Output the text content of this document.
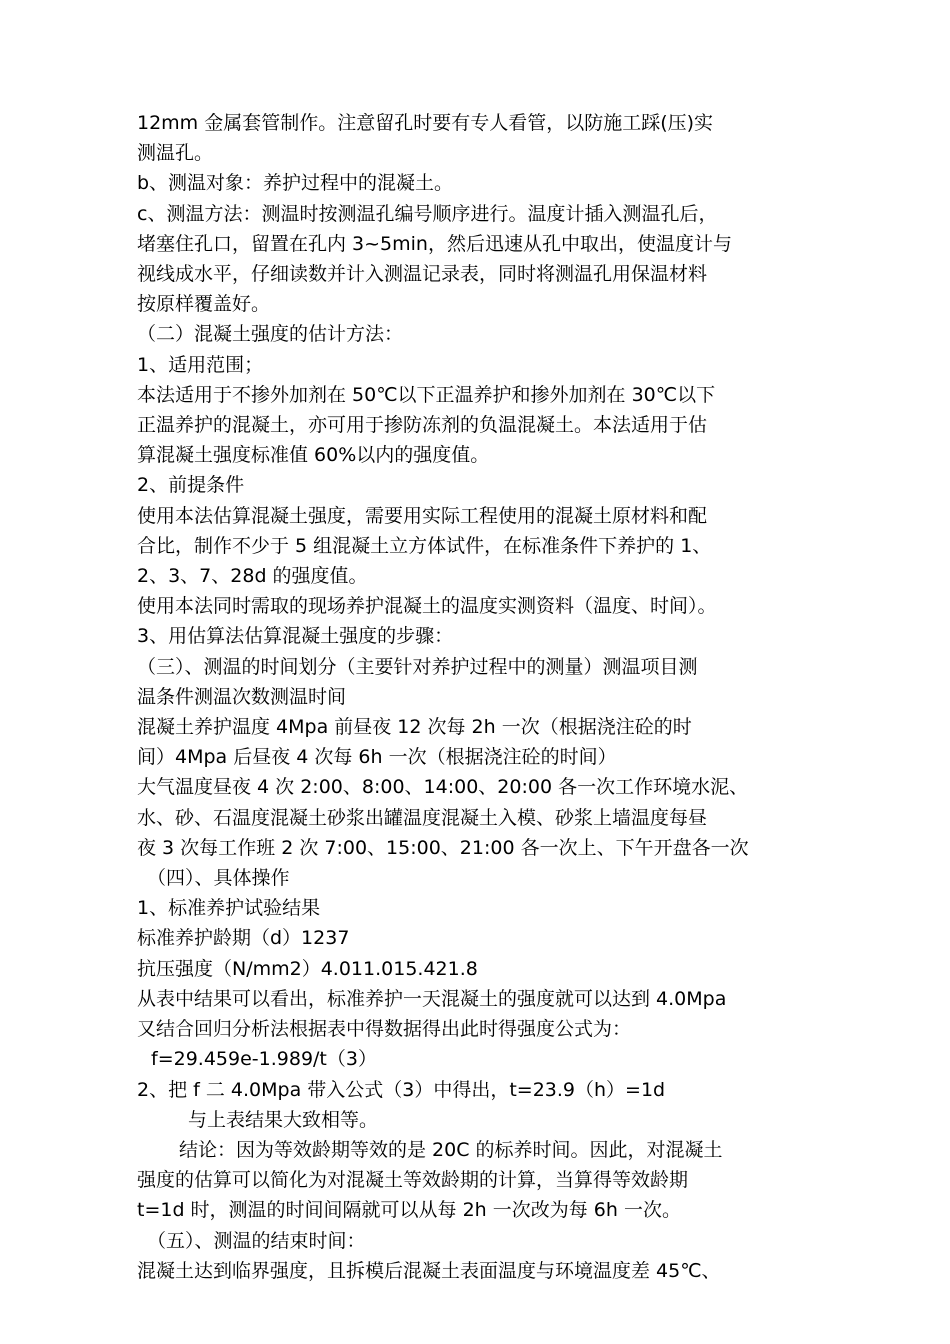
12mm 金属套管制作。注意留孔时要有专人看管，以防施工踩(压)实

测温孔。

b、测温对象：养护过程中的混凝土。

c、测温方法：测温时按测温孔编号顺序进行。温度计插入测温孔后，

堵塞住孔口，留置在孔内 3~5min，然后迅速从孔中取出，使温度计与

视线成水平，仔细读数并计入测温记录表，同时将测温孔用保温材料

按原样覆盖好。

（二）混凝土强度的估计方法：

1、适用范围；

本法适用于不掺外加剂在 50℃以下正温养护和掺外加剂在 30℃以下

正温养护的混凝土，亦可用于掺防冻剂的负温混凝土。本法适用于估

算混凝土强度标准值 60%以内的强度值。

2、前提条件

使用本法估算混凝土强度，需要用实际工程使用的混凝土原材料和配

合比，制作不少于 5 组混凝土立方体试件，在标准条件下养护的 1、

2、3、7、28d 的强度值。

使用本法同时需取的现场养护混凝土的温度实测资料（温度、时间）。

3、用估算法估算混凝土强度的步骤：

（三）、测温的时间划分（主要针对养护过程中的测量）测温项目测

温条件测温次数测温时间

混凝土养护温度 4Mpa 前昼夜 12 次每 2h 一次（根据浇注砼的时

间）4Mpa 后昼夜 4 次每 6h 一次（根据浇注砼的时间）

大气温度昼夜 4 次 2:00、8:00、14:00、20:00 各一次工作环境水泥、

水、砂、石温度混凝土砂浆出罐温度混凝土入模、砂浆上墙温度每昼

夜 3 次每工作班 2 次 7:00、15:00、21:00 各一次上、下午开盘各一次

（四）、具体操作

1、标准养护试验结果

标准养护龄期（d）1237

抗压强度（N/mm2）4.011.015.421.8

从表中结果可以看出，标准养护一天混凝土的强度就可以达到 4.0Mpa

又结合回归分析法根据表中得数据得出此时得强度公式为：

f=29.459e-1.989/t（3）

2、把 f 二 4.0Mpa 带入公式（3）中得出，t=23.9（h）=1d

与上表结果大致相等。

结论：因为等效龄期等效的是 20C 的标养时间。因此，对混凝土

强度的估算可以简化为对混凝土等效龄期的计算，当算得等效龄期

t=1d 时，测温的时间间隔就可以从每 2h 一次改为每 6h 一次。

（五）、测温的结束时间：

混凝土达到临界强度，且拆模后混凝土表面温度与环境温度差 45℃、
